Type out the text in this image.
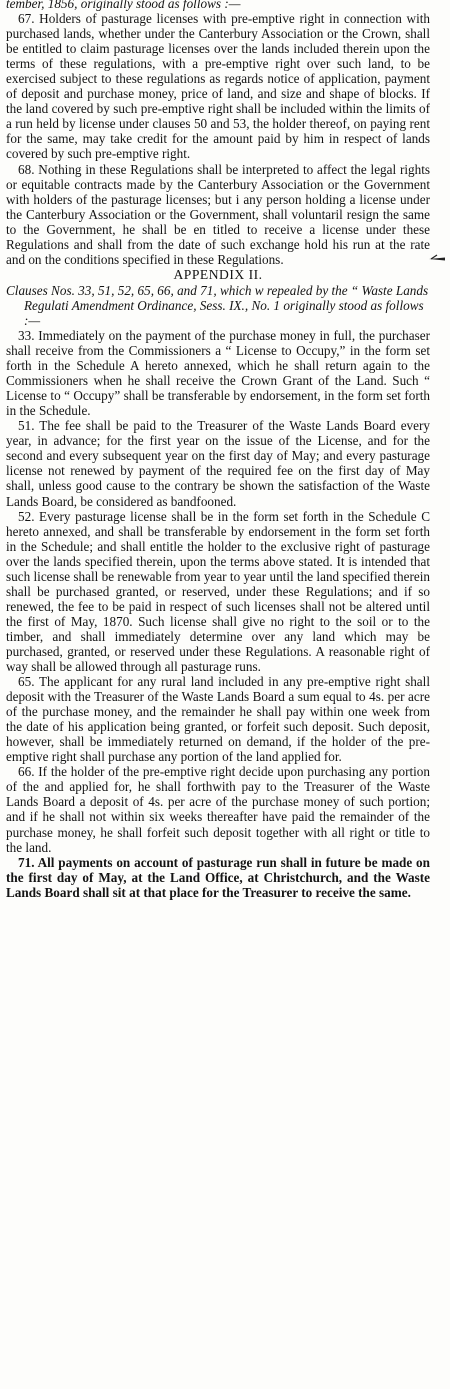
tember, 1856, originally stood as follows :—

67. Holders of pasturage licenses with pre-emptive right in connection with purchased lands, whether under the Canterbury Association or the Crown, shall be entitled to claim pasturage licenses over the lands included therein upon the terms of these regulations, with a pre-emptive right over such land, to be exercised subject to these regulations as regards notice of application, payment of deposit and purchase money, price of land, and size and shape of blocks. If the land covered by such pre-emptive right shall be included within the limits of a run held by license under clauses 50 and 53, the holder thereof, on paying rent for the same, may take credit for the amount paid by him in respect of lands covered by such pre-emptive right.

68. Nothing in these Regulations shall be interpreted to affect the legal rights or equitable contracts made by the Canterbury Association or the Government with holders of the pasturage licenses; but i any person holding a license under the Canterbury Association or the Government, shall voluntaril resign the same to the Government, he shall be en titled to receive a license under these Regulations and shall from the date of such exchange hold his run at the rate and on the conditions specified in these Regulations.

APPENDIX II.

Clauses Nos. 33, 51, 52, 65, 66, and 71, which w repealed by the “ Waste Lands Regulati Amendment Ordinance, Sess. IX., No. 1 originally stood as follows :—

33. Immediately on the payment of the purchase money in full, the purchaser shall receive from the Commissioners a “ License to Occupy,” in the form set forth in the Schedule A hereto annexed, which he shall return again to the Commissioners when he shall receive the Crown Grant of the Land. Such “ License to “ Occupy” shall be transferable by endorsement, in the form set forth in the Schedule.

51. The fee shall be paid to the Treasurer of the Waste Lands Board every year, in advance; for the first year on the issue of the License, and for the second and every subsequent year on the first day of May; and every pasturage license not renewed by payment of the required fee on the first day of May shall, unless good cause to the contrary be shown the satisfaction of the Waste Lands Board, be considered as bandfooned.

52. Every pasturage license shall be in the form set forth in the Schedule C hereto annexed, and shall be transferable by endorsement in the form set forth in the Schedule; and shall entitle the holder to the exclusive right of pasturage over the lands specified therein, upon the terms above stated. It is intended that such license shall be renewable from year to year until the land specified therein shall be purchased granted, or reserved, under these Regulations; and if so renewed, the fee to be paid in respect of such licenses shall not be altered until the first of May, 1870. Such license shall give no right to the soil or to the timber, and shall immediately determine over any land which may be purchased, granted, or reserved under these Regulations. A reasonable right of way shall be allowed through all pasturage runs.

65. The applicant for any rural land included in any pre-emptive right shall deposit with the Treasurer of the Waste Lands Board a sum equal to 4s. per acre of the purchase money, and the remainder he shall pay within one week from the date of his application being granted, or forfeit such deposit. Such deposit, however, shall be immediately returned on demand, if the holder of the pre-emptive right shall purchase any portion of the land applied for.

66. If the holder of the pre-emptive right decide upon purchasing any portion of the and applied for, he shall forthwith pay to the Treasurer of the Waste Lands Board a deposit of 4s. per acre of the purchase money of such portion; and if he shall not within six weeks thereafter have paid the remainder of the purchase money, he shall forfeit such deposit together with all right or title to the land.

71. All payments on account of pasturage run shall in future be made on the first day of May, at the Land Office, at Christchurch, and the Waste Lands Board shall sit at that place for the Treasurer to receive the same.
